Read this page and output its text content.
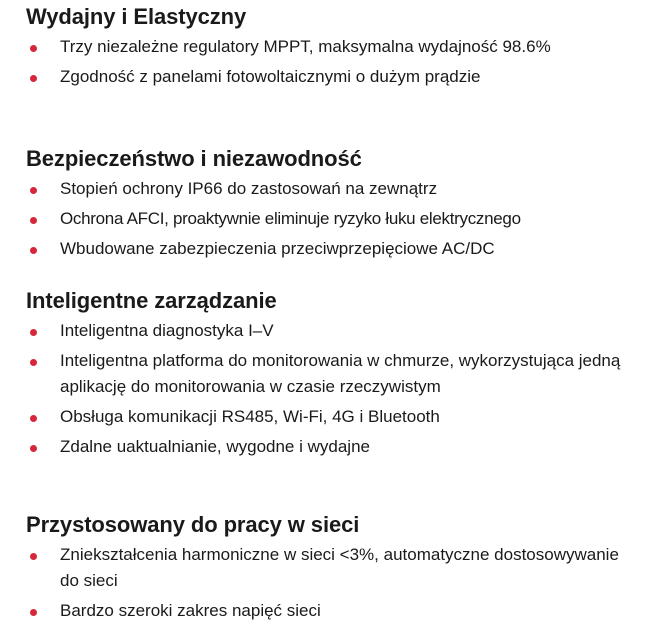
Wydajny i Elastyczny
Trzy niezależne regulatory MPPT, maksymalna wydajność 98.6%
Zgodność z panelami fotowoltaicznymi o dużym prądzie
Bezpieczeństwo i niezawodność
Stopień ochrony IP66 do zastosowań na zewnątrz
Ochrona AFCI, proaktywnie eliminuje ryzyko łuku elektrycznego
Wbudowane zabezpieczenia przeciwprzepięciowe AC/DC
Inteligentne zarządzanie
Inteligentna diagnostyka I–V
Inteligentna platforma do monitorowania w chmurze, wykorzystująca jedną aplikację do monitorowania w czasie rzeczywistym
Obsługa komunikacji RS485, Wi-Fi, 4G i Bluetooth
Zdalne uaktualnianie, wygodne i wydajne
Przystosowany do pracy w sieci
Zniekształcenia harmoniczne w sieci <3%, automatyczne dostosowywanie do sieci
Bardzo szeroki zakres napięć sieci
